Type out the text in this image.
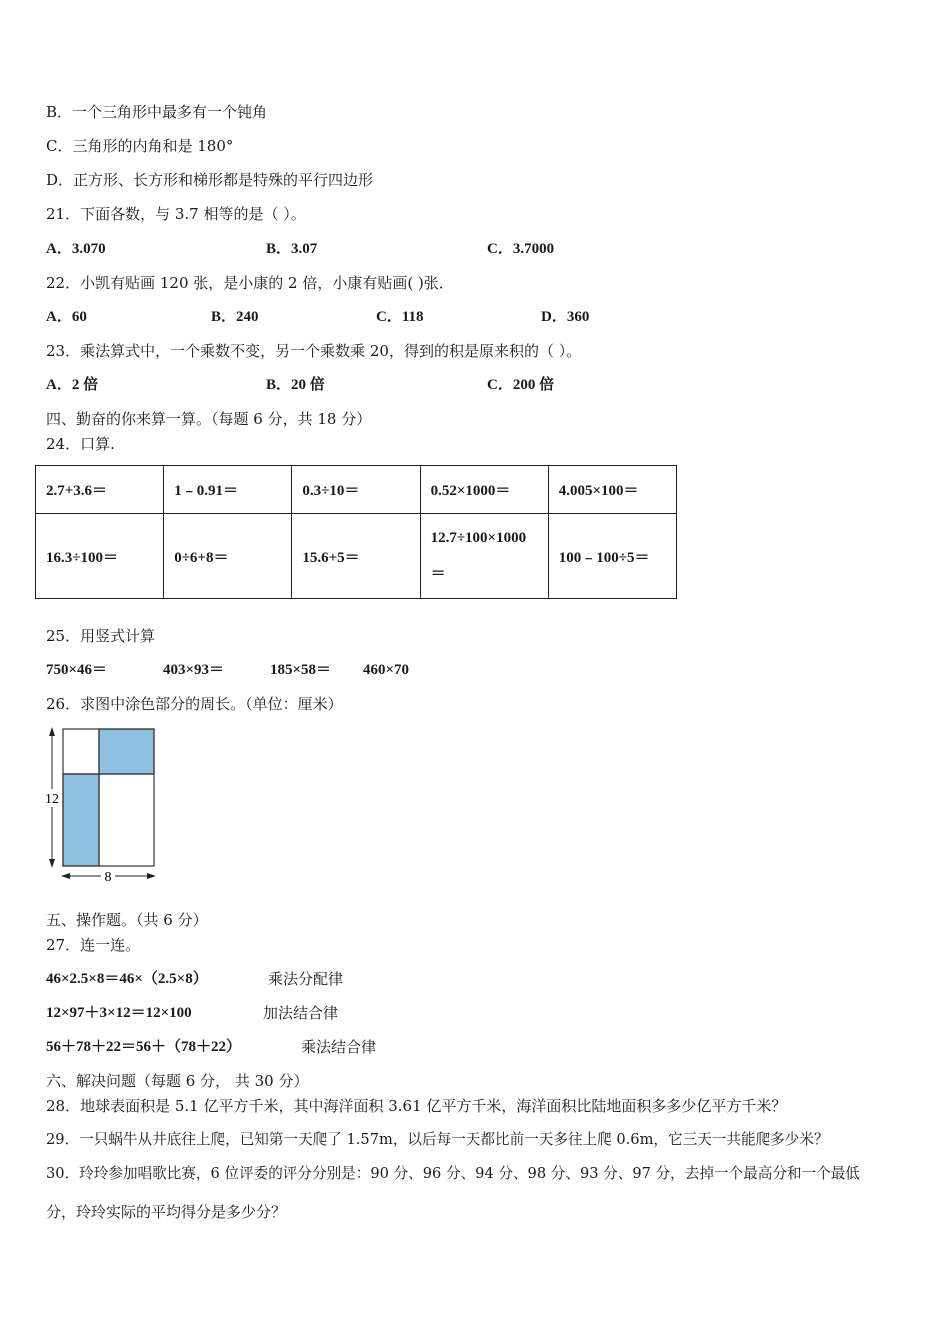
B．一个三角形中最多有一个钝角
C．三角形的内角和是 180°
D．正方形、长方形和梯形都是特殊的平行四边形
21．下面各数，与 3.7 相等的是（ ）。
A．3.070	B．3.07	C．3.7000
22．小凯有贴画 120 张，是小康的 2 倍，小康有贴画( )张．
A．60	B．240	C．118	D．360
23．乘法算式中，一个乘数不变，另一个乘数乘 20，得到的积是原来积的（ ）。
A．2 倍	B．20 倍	C．200 倍
四、勤奋的你来算一算。（每题 6 分，共 18 分）
24．口算.
2.7+3.6＝	1﹣0.91＝	0.3÷10＝	0.52×1000＝	4.005×100＝
16.3÷100＝	0÷6+8＝	15.6+5＝	12.7÷100×1000
＝	100﹣100÷5＝
25．用竖式计算
750×46＝	403×93＝	185×58＝ 460×70
26．求图中涂色部分的周长。（单位：厘米）
12
8
五、操作题。（共 6 分）
27．连一连。
46×2.5×8＝46×（2.5×8）	乘法分配律
12×97＋3×12＝12×100	加法结合律
56＋78＋22＝56＋（78＋22）	乘法结合律
六、解决问题（每题 6 分， 共 30 分）
28．地球表面积是 5.1 亿平方千米，其中海洋面积 3.61 亿平方千米，海洋面积比陆地面积多多少亿平方千米？
29．一只蜗牛从井底往上爬，已知第一天爬了 1.57m，以后每一天都比前一天多往上爬 0.6m，它三天一共能爬多少米？
30．玲玲参加唱歌比赛，6 位评委的评分分别是：90 分、96 分、94 分、98 分、93 分、97 分，去掉一个最高分和一个最低
分，玲玲实际的平均得分是多少分？
